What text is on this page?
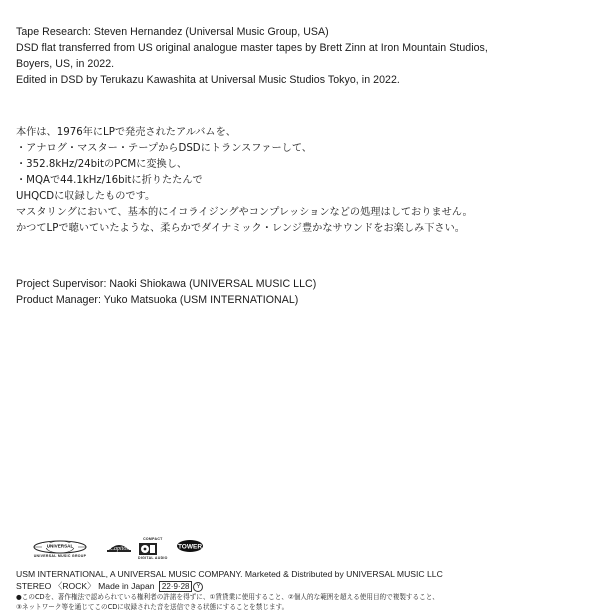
Tape Research: Steven Hernandez (Universal Music Group, USA)
DSD flat transferred from US original analogue master tapes by Brett Zinn at Iron Mountain Studios,
Boyers, US, in 2022.
Edited in DSD by Terukazu Kawashita at Universal Music Studios Tokyo, in 2022.
本作は、1976年にLPで発売されたアルバムを、
・アナログ・マスター・テープからDSDにトランスファーして、
・352.8kHz/24bitのPCMに変換し、
・MQAで44.1kHz/16bitに折りたたんで
UHQCDに収録したものです。
マスタリングにおいて、基本的にイコライジングやコンプレッションなどの処理はしておりません。
かつてLPで聴いていたような、柔らかでダイナミック・レンジ豊かなサウンドをお楽しみ下さい。
Project Supervisor: Naoki Shiokawa (UNIVERSAL MUSIC LLC)
Product Manager: Yuko Matsuoka (USM INTERNATIONAL)
UNIVERSAL
UNIVERSAL MUSIC GROUP
Capitol
COMPACT
DIGITAL AUDIO
TOWER
USM INTERNATIONAL, A UNIVERSAL MUSIC COMPANY. Marketed & Distributed by UNIVERSAL MUSIC LLC
STEREO 〈ROCK〉 Made in Japan 22·9·28 Y
●このCDを、著作権法で認められている権利者の許諾を得ずに、①賃貸業に使用すること、②個人的な範囲を超える使用目的で複製すること、
③ネットワーク等を通じてこのCDに収録された音を送信できる状態にすることを禁じます。
